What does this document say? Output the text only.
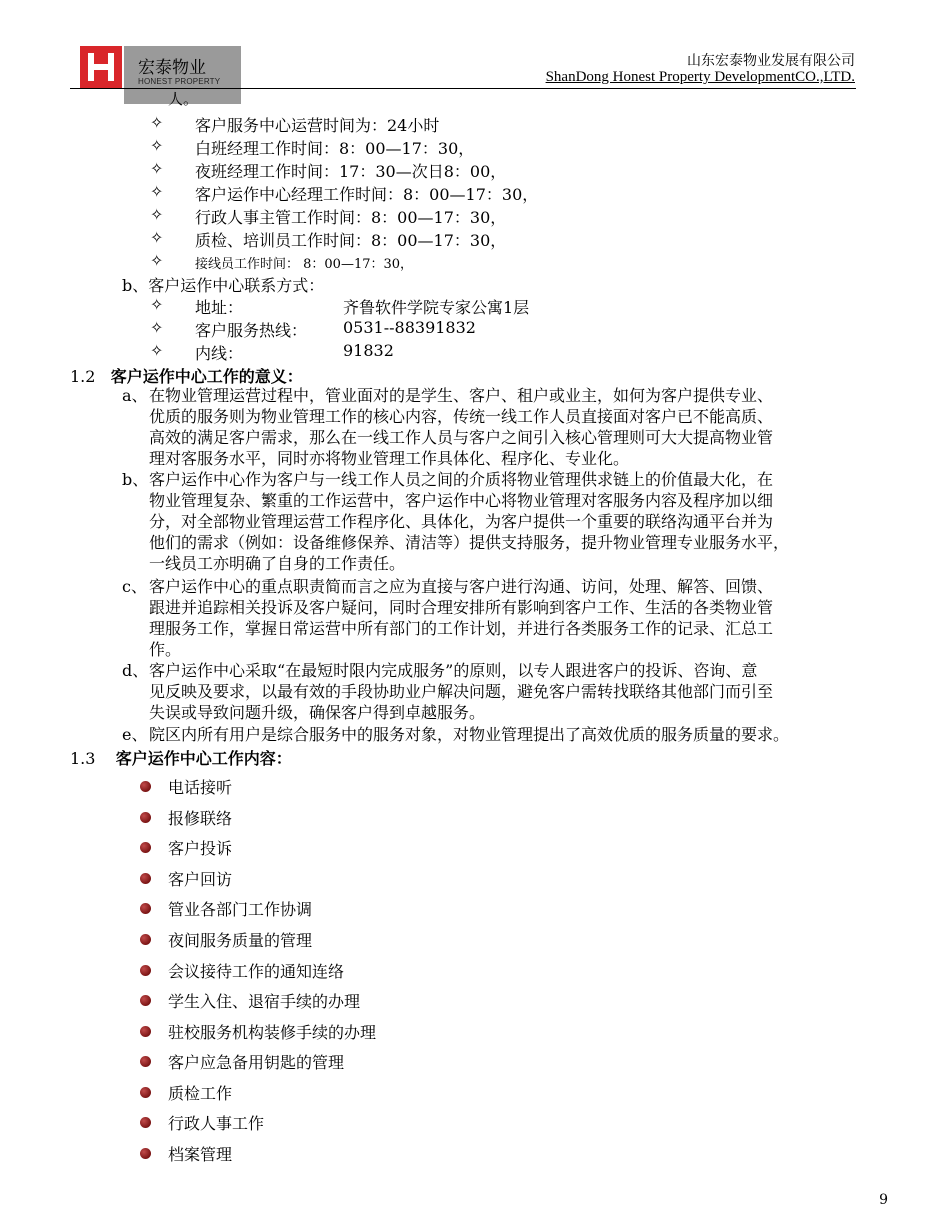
宏泰物业
HONEST PROPERTY
山东宏泰物业发展有限公司
ShanDong Honest Property DevelopmentCO.,LTD.
人。
✧ 客户服务中心运营时间为：24小时
✧ 白班经理工作时间：8：00—17：30，
✧ 夜班经理工作时间：17：30—次日8：00，
✧ 客户运作中心经理工作时间：8：00—17：30，
✧ 行政人事主管工作时间：8：00—17：30，
✧ 质检、培训员工作时间：8：00—17：30，
✧ 接线员工作时间： 8：00—17：30，
b、客户运作中心联系方式：
✧ 地址：	齐鲁软件学院专家公寓1层
✧ 客户服务热线： 0531--88391832
✧ 内线：	91832
1.2 客户运作中心工作的意义：
a、 在物业管理运营过程中，管业面对的是学生、客户、租户或业主，如何为客户提供专业、
优质的服务则为物业管理工作的核心内容，传统一线工作人员直接面对客户已不能高质、
高效的满足客户需求，那么在一线工作人员与客户之间引入核心管理则可大大提高物业管
理对客服务水平，同时亦将物业管理工作具体化、程序化、专业化。
b、 客户运作中心作为客户与一线工作人员之间的介质将物业管理供求链上的价值最大化，在
物业管理复杂、繁重的工作运营中，客户运作中心将物业管理对客服务内容及程序加以细
分，对全部物业管理运营工作程序化、具体化，为客户提供一个重要的联络沟通平台并为
他们的需求（例如：设备维修保养、清洁等）提供支持服务，提升物业管理专业服务水平，
一线员工亦明确了自身的工作责任。
c、 客户运作中心的重点职责简而言之应为直接与客户进行沟通、访问，处理、解答、回馈、
跟进并追踪相关投诉及客户疑问，同时合理安排所有影响到客户工作、生活的各类物业管
理服务工作，掌握日常运营中所有部门的工作计划，并进行各类服务工作的记录、汇总工
作。
d、 客户运作中心采取“在最短时限内完成服务”的原则，以专人跟进客户的投诉、咨询、意
见反映及要求，以最有效的手段协助业户解决问题，避免客户需转找联络其他部门而引至
失误或导致问题升级，确保客户得到卓越服务。
e、 院区内所有用户是综合服务中的服务对象，对物业管理提出了高效优质的服务质量的要求。
1.3 客户运作中心工作内容：
电话接听
报修联络
客户投诉
客户回访
管业各部门工作协调
夜间服务质量的管理
会议接待工作的通知连络
学生入住、退宿手续的办理
驻校服务机构装修手续的办理
客户应急备用钥匙的管理
质检工作
行政人事工作
档案管理
9
